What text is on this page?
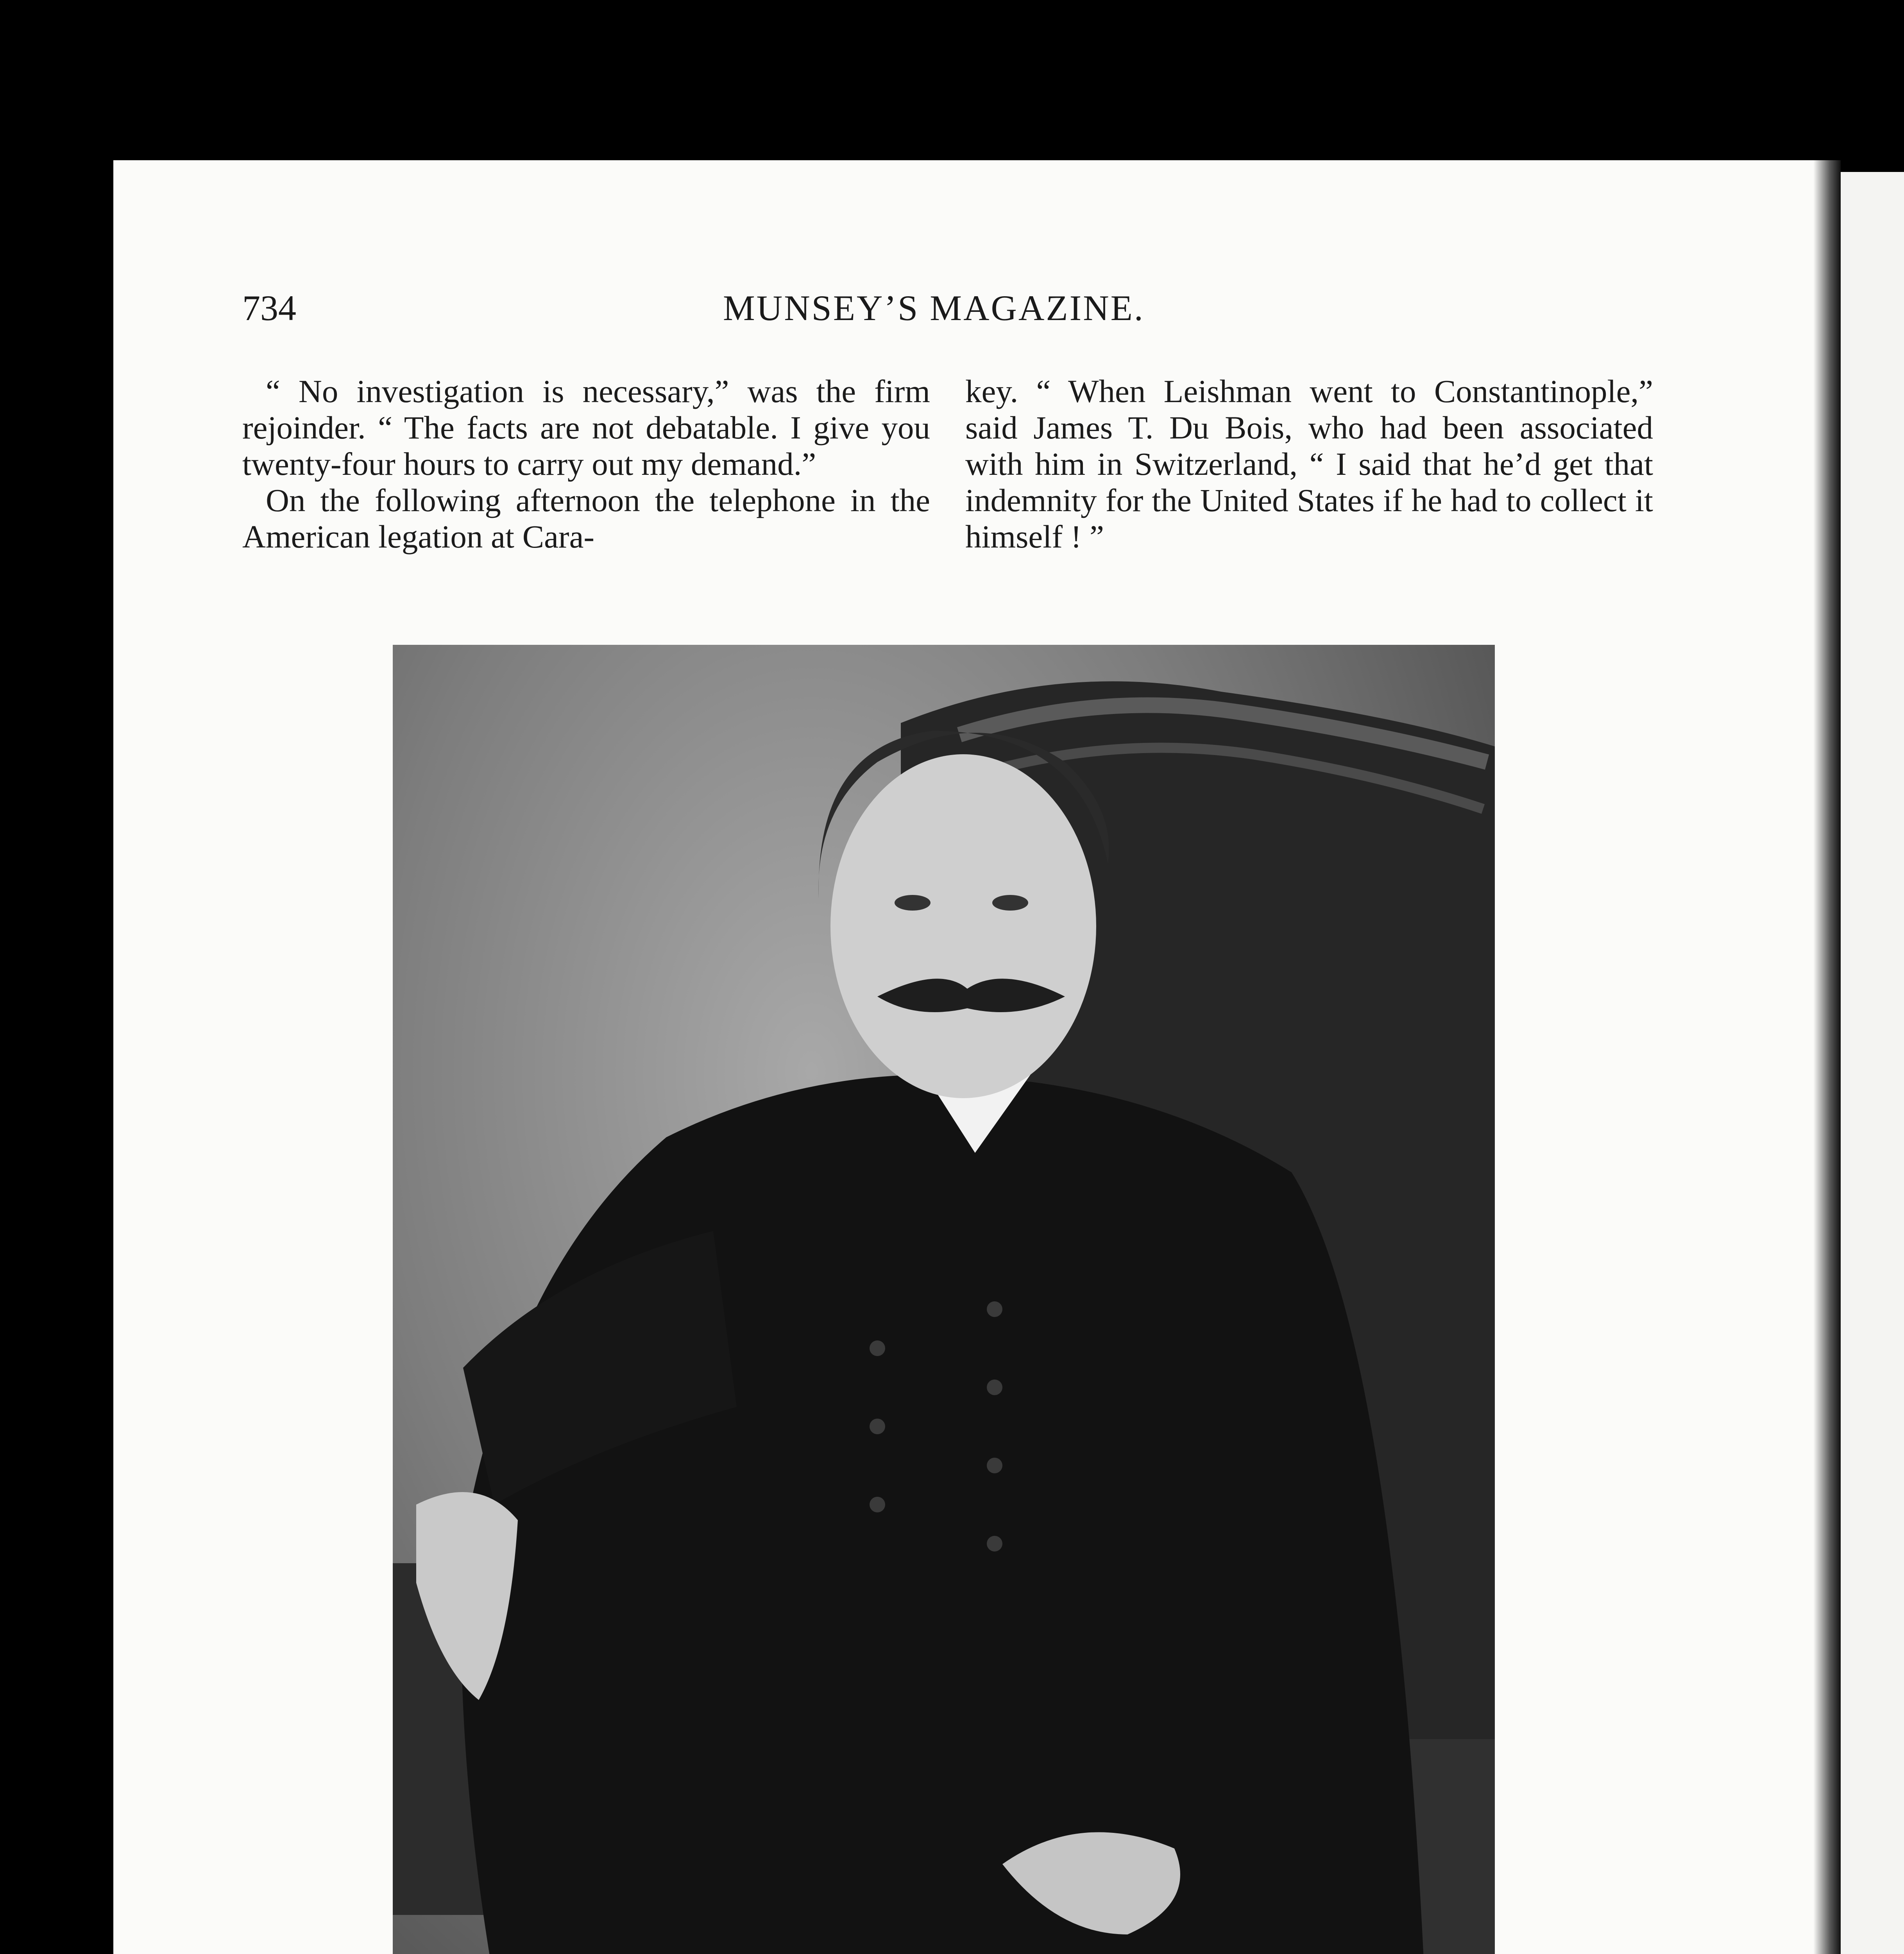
734	MUNSEY’S MAGAZINE.

“ No investigation is necessary,” was the firm rejoinder. “ The facts are not debatable. I give you twenty-four hours to carry out my demand.”

On the following afternoon the telephone in the American legation at Cara-

key. “ When Leishman went to Constantinople,” said James T. Du Bois, who had been associated with him in Switzerland, “ I said that he’d get that indemnity for the United States if he had to collect it himself ! ”
